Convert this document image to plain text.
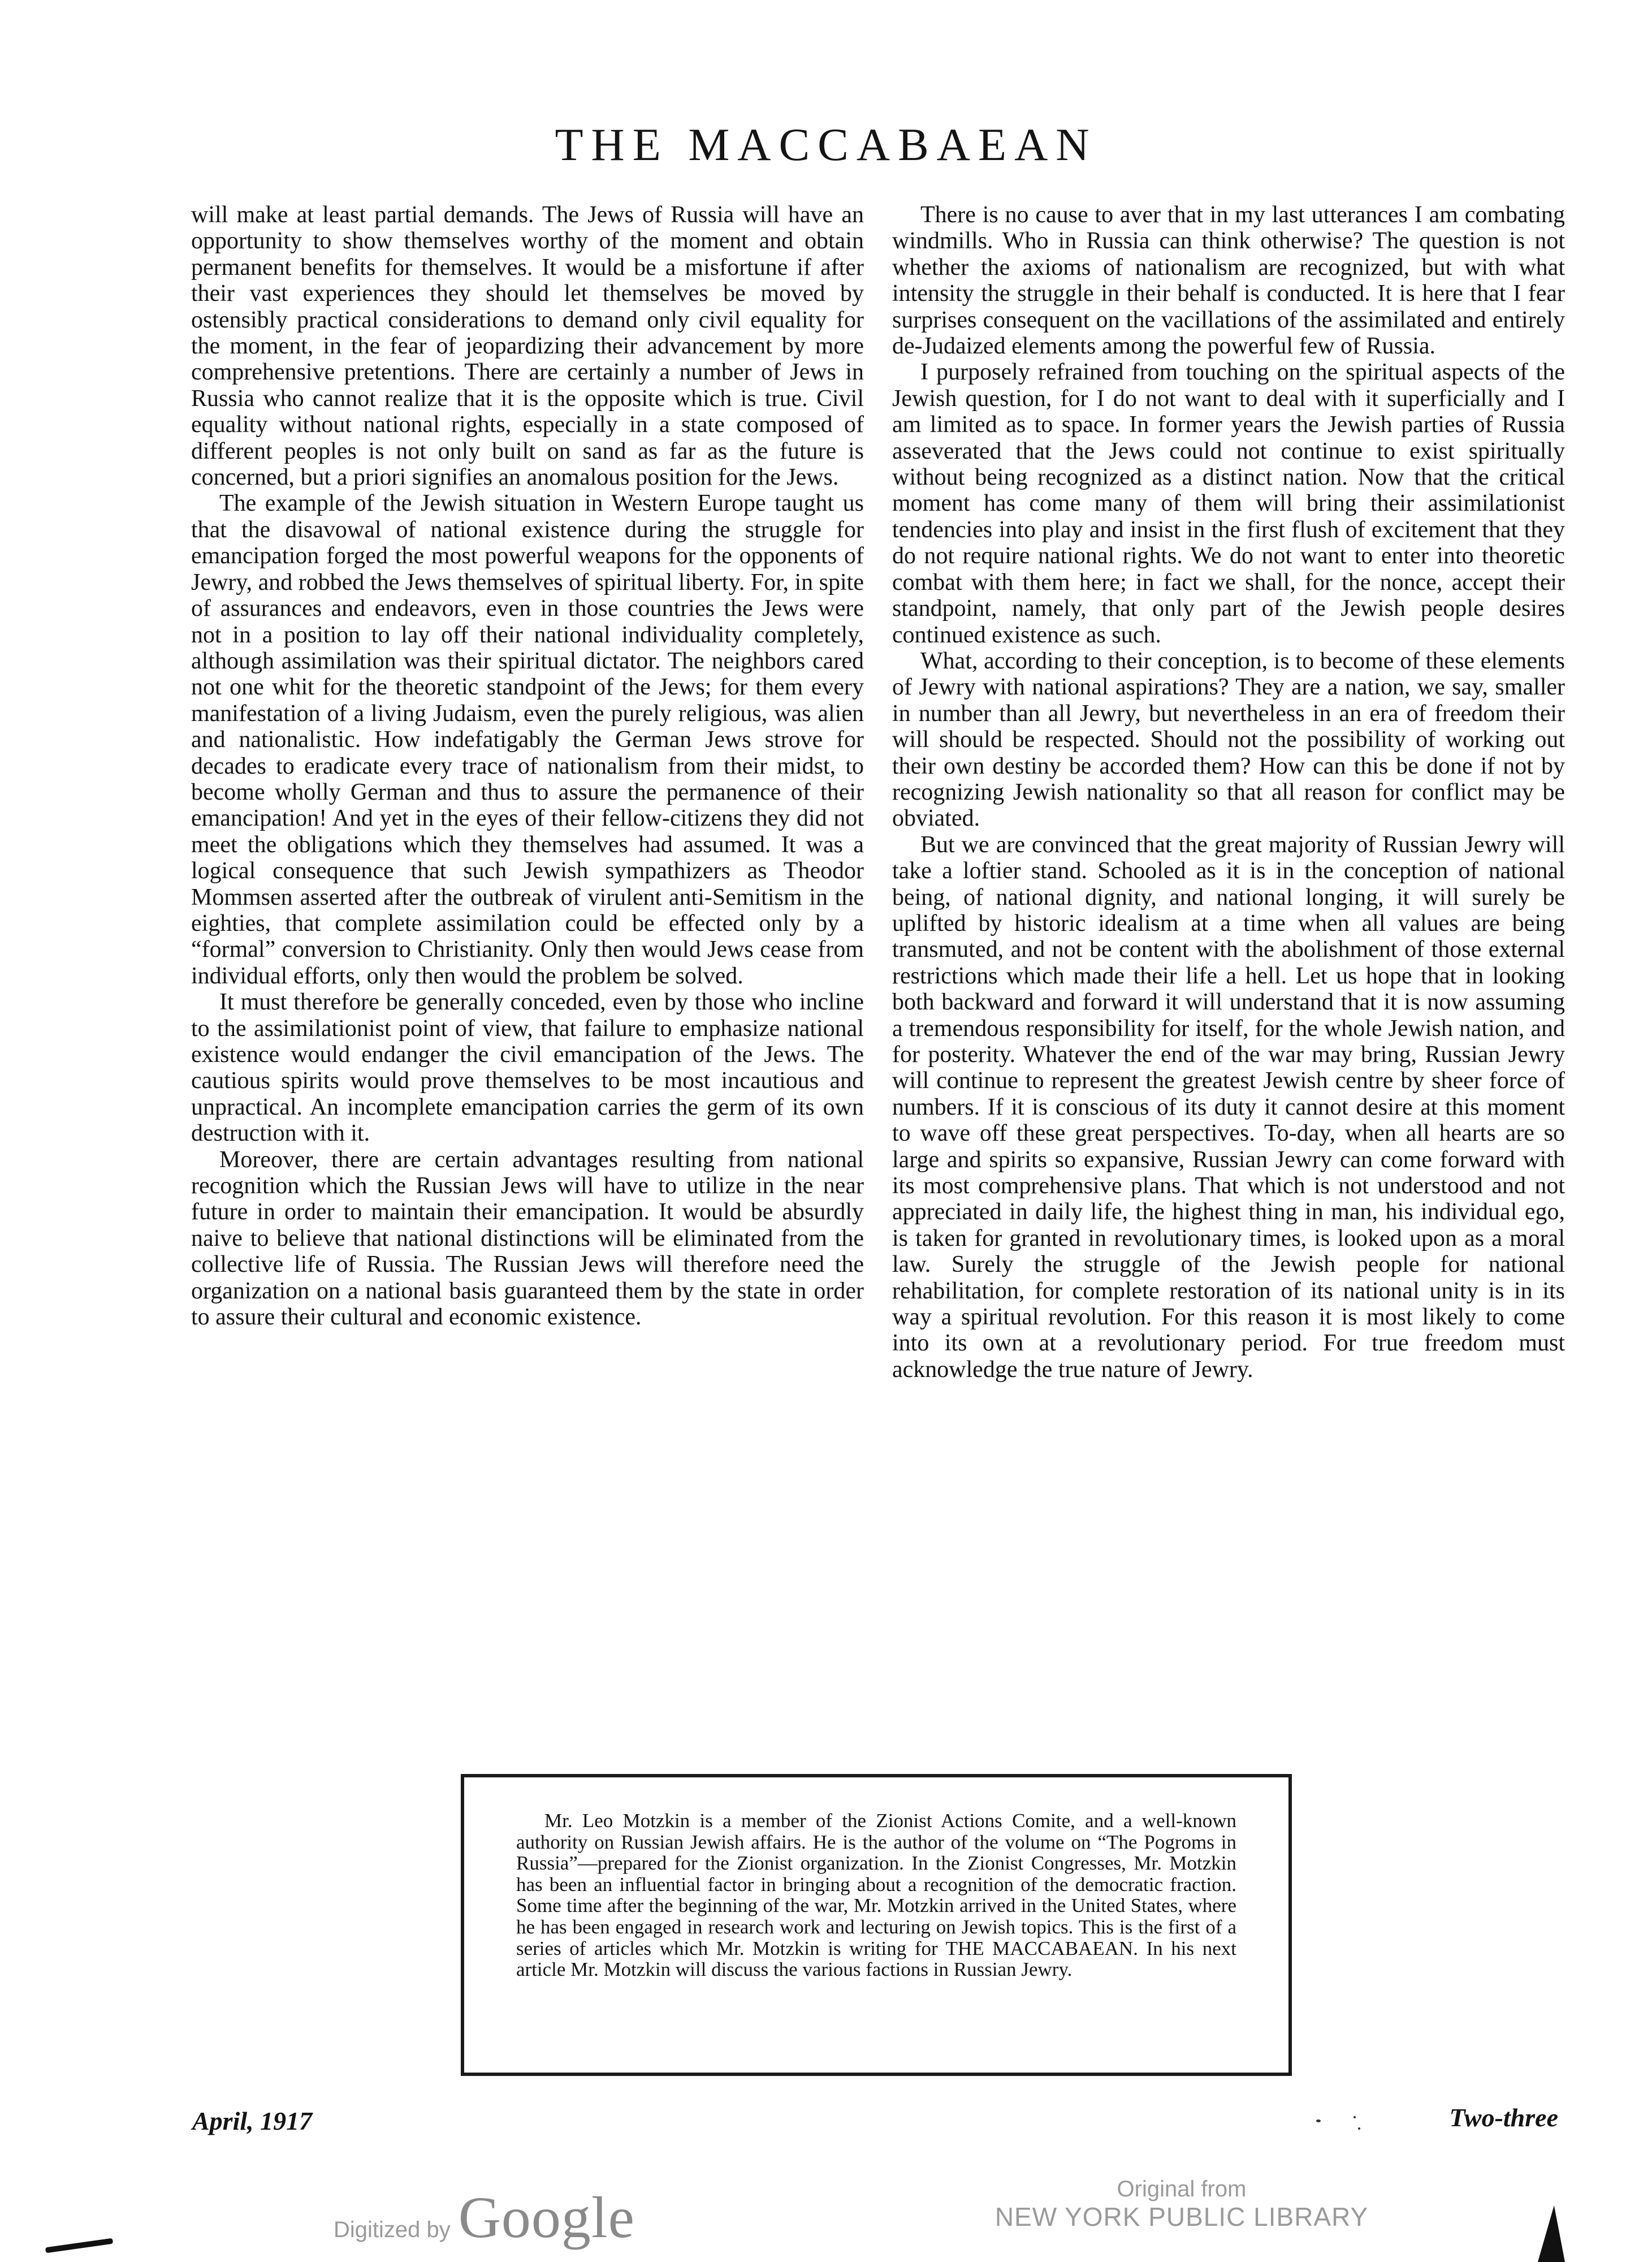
THE MACCABAEAN

will make at least partial demands. The Jews of Russia will have an opportunity to show themselves worthy of the moment and obtain permanent benefits for themselves. It would be a misfortune if after their vast experiences they should let themselves be moved by ostensibly practical considerations to demand only civil equality for the moment, in the fear of jeopardizing their advancement by more comprehensive pretentions. There are certainly a number of Jews in Russia who cannot realize that it is the opposite which is true. Civil equality without national rights, especially in a state composed of different peoples is not only built on sand as far as the future is concerned, but a priori signifies an anomalous position for the Jews.

The example of the Jewish situation in Western Europe taught us that the disavowal of national existence during the struggle for emancipation forged the most powerful weapons for the opponents of Jewry, and robbed the Jews themselves of spiritual liberty. For, in spite of assurances and endeavors, even in those countries the Jews were not in a position to lay off their national individuality completely, although assimilation was their spiritual dictator. The neighbors cared not one whit for the theoretic standpoint of the Jews; for them every manifestation of a living Judaism, even the purely religious, was alien and nationalistic. How indefatigably the German Jews strove for decades to eradicate every trace of nationalism from their midst, to become wholly German and thus to assure the permanence of their emancipation! And yet in the eyes of their fellow-citizens they did not meet the obligations which they themselves had assumed. It was a logical consequence that such Jewish sympathizers as Theodor Mommsen asserted after the outbreak of virulent anti-Semitism in the eighties, that complete assimilation could be effected only by a “formal” conversion to Christianity. Only then would Jews cease from individual efforts, only then would the problem be solved.

It must therefore be generally conceded, even by those who incline to the assimilationist point of view, that failure to emphasize national existence would endanger the civil emancipation of the Jews. The cautious spirits would prove themselves to be most incautious and unpractical. An incomplete emancipation carries the germ of its own destruction with it.

Moreover, there are certain advantages resulting from national recognition which the Russian Jews will have to utilize in the near future in order to maintain their emancipation. It would be absurdly naive to believe that national distinctions will be eliminated from the collective life of Russia. The Russian Jews will therefore need the organization on a national basis guaranteed them by the state in order to assure their cultural and economic existence.

There is no cause to aver that in my last utterances I am combating windmills. Who in Russia can think otherwise? The question is not whether the axioms of nationalism are recognized, but with what intensity the struggle in their behalf is conducted. It is here that I fear surprises consequent on the vacillations of the assimilated and entirely de-Judaized elements among the powerful few of Russia.

I purposely refrained from touching on the spiritual aspects of the Jewish question, for I do not want to deal with it superficially and I am limited as to space. In former years the Jewish parties of Russia asseverated that the Jews could not continue to exist spiritually without being recognized as a distinct nation. Now that the critical moment has come many of them will bring their assimilationist tendencies into play and insist in the first flush of excitement that they do not require national rights. We do not want to enter into theoretic combat with them here; in fact we shall, for the nonce, accept their standpoint, namely, that only part of the Jewish people desires continued existence as such.

What, according to their conception, is to become of these elements of Jewry with national aspirations? They are a nation, we say, smaller in number than all Jewry, but nevertheless in an era of freedom their will should be respected. Should not the possibility of working out their own destiny be accorded them? How can this be done if not by recognizing Jewish nationality so that all reason for conflict may be obviated.

But we are convinced that the great majority of Russian Jewry will take a loftier stand. Schooled as it is in the conception of national being, of national dignity, and national longing, it will surely be uplifted by historic idealism at a time when all values are being transmuted, and not be content with the abolishment of those external restrictions which made their life a hell. Let us hope that in looking both backward and forward it will understand that it is now assuming a tremendous responsibility for itself, for the whole Jewish nation, and for posterity. Whatever the end of the war may bring, Russian Jewry will continue to represent the greatest Jewish centre by sheer force of numbers. If it is conscious of its duty it cannot desire at this moment to wave off these great perspectives. To-day, when all hearts are so large and spirits so expansive, Russian Jewry can come forward with its most comprehensive plans. That which is not understood and not appreciated in daily life, the highest thing in man, his individual ego, is taken for granted in revolutionary times, is looked upon as a moral law. Surely the struggle of the Jewish people for national rehabilitation, for complete restoration of its national unity is in its way a spiritual revolution. For this reason it is most likely to come into its own at a revolutionary period. For true freedom must acknowledge the true nature of Jewry.

Mr. Leo Motzkin is a member of the Zionist Actions Comite, and a well-known authority on Russian Jewish affairs. He is the author of the volume on “The Pogroms in Russia”—prepared for the Zionist organization. In the Zionist Congresses, Mr. Motzkin has been an influential factor in bringing about a recognition of the democratic fraction. Some time after the beginning of the war, Mr. Motzkin arrived in the United States, where he has been engaged in research work and lecturing on Jewish topics. This is the first of a series of articles which Mr. Motzkin is writing for THE MACCABAEAN. In his next article Mr. Motzkin will discuss the various factions in Russian Jewry.

April, 1917	Two-three
Digitized by Google	Original from
NEW YORK PUBLIC LIBRARY
